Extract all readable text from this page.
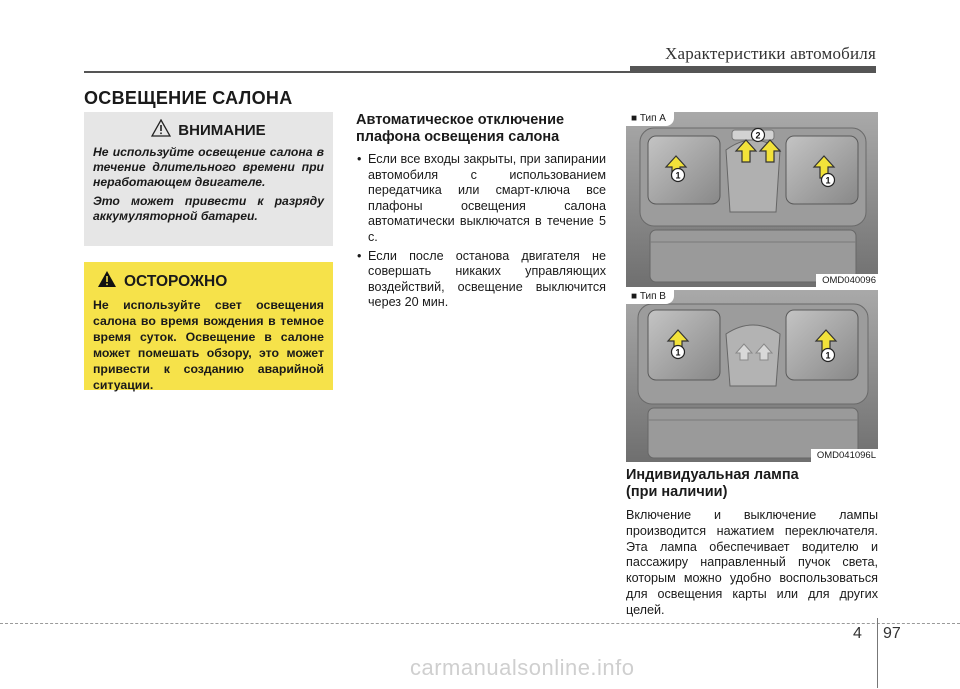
Характеристики автомобиля
ОСВЕЩЕНИЕ САЛОНА
ВНИМАНИЕ

Не используйте освещение салона в течение длительного времени при неработающем двигателе.

Это может привести к разряду аккумуляторной батареи.

ОСТОРОЖНО

Не используйте свет освещения салона во время вождения в темное время суток. Освещение в салоне может помешать обзору, это может привести к созданию аварийной ситуации.

Автоматическое отключение
плафона освещения салона
• Если все входы закрыты, при запирании автомобиля с использованием передатчика или смарт-ключа все плафоны освещения салона автоматически выключатся в течение 5 с.
• Если после останова двигателя не совершать никаких управляющих воздействий, освещение выключится через 20 мин.
1	1
2
■ Тип A
OMD040096
1	1
■ Тип B
OMD041096L
Индивидуальная лампа
(при наличии)

Включение и выключение лампы производится нажатием переключателя. Эта лампа обеспечивает водителю и пассажиру направленный пучок света, которым можно удобно воспользоваться для освещения карты или для других целей.

4 97
carmanualsonline.info
